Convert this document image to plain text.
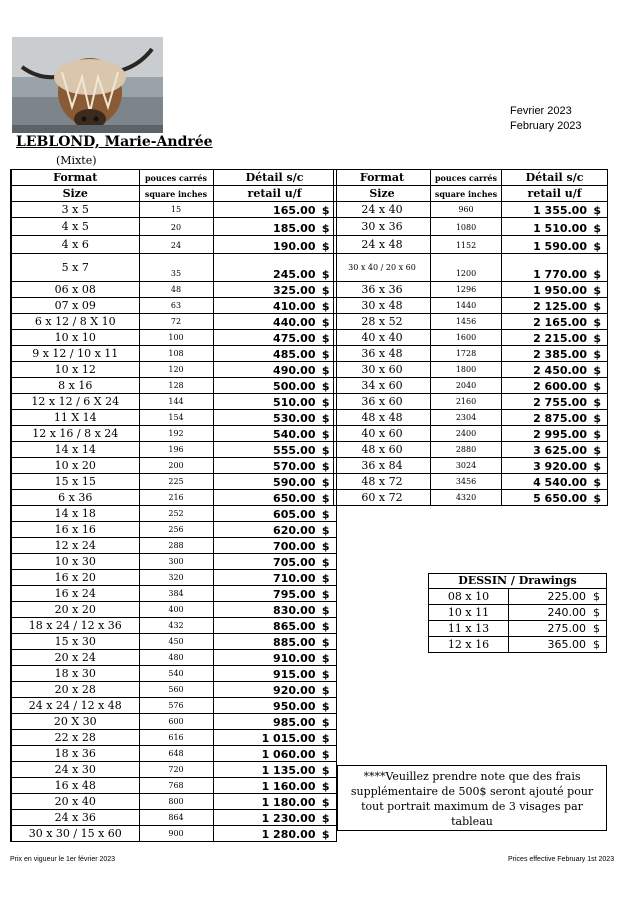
Fevrier 2023
February 2023
LEBLOND, Marie-Andrée
(Mixte)
Format	pouces carrés	Détail s/c
Size	square inches	retail u/f
3 x 5	15	165.00 $
4 x 5	20	185.00 $
4 x 6	24	190.00 $
5 x 7	35	245.00 $
06 x 08	48	325.00 $
07 x 09	63	410.00 $
6 x 12 / 8 X 10	72	440.00 $
10 x 10	100	475.00 $
9 x 12 / 10 x 11	108	485.00 $
10 x 12	120	490.00 $
8 x 16	128	500.00 $
12 x 12 / 6 X 24	144	510.00 $
11 X 14	154	530.00 $
12 x 16 / 8 x 24	192	540.00 $
14 x 14	196	555.00 $
10 x 20	200	570.00 $
15 x 15	225	590.00 $
6 x 36	216	650.00 $
14 x 18	252	605.00 $
16 x 16	256	620.00 $
12 x 24	288	700.00 $
10 x 30	300	705.00 $
16 x 20	320	710.00 $
16 x 24	384	795.00 $
20 x 20	400	830.00 $
18 x 24 / 12 x 36	432	865.00 $
15 x 30	450	885.00 $
20 x 24	480	910.00 $
18 x 30	540	915.00 $
20 x 28	560	920.00 $
24 x 24 / 12 x 48	576	950.00 $
20 X 30	600	985.00 $
22 x 28	616	1 015.00 $
18 x 36	648	1 060.00 $
24 x 30	720	1 135.00 $
16 x 48	768	1 160.00 $
20 x 40	800	1 180.00 $
24 x 36	864	1 230.00 $
30 x 30 / 15 x 60	900	1 280.00 $
Format	pouces carrés	Détail s/c
Size	square inches	retail u/f
24 x 40	960	1 355.00 $
30 x 36	1080	1 510.00 $
24 x 48	1152	1 590.00 $
30 x 40 / 20 x 60	1200	1 770.00 $
36 x 36	1296	1 950.00 $
30 x 48	1440	2 125.00 $
28 x 52	1456	2 165.00 $
40 x 40	1600	2 215.00 $
36 x 48	1728	2 385.00 $
30 x 60	1800	2 450.00 $
34 x 60	2040	2 600.00 $
36 x 60	2160	2 755.00 $
48 x 48	2304	2 875.00 $
40 x 60	2400	2 995.00 $
48 x 60	2880	3 625.00 $
36 x 84	3024	3 920.00 $
48 x 72	3456	4 540.00 $
60 x 72	4320	5 650.00 $
DESSIN / Drawings	
08 x 10	225.00 $
10 x 11	240.00 $
11 x 13	275.00 $
12 x 16	365.00 $
****Veuillez prendre note que des frais supplémentaire de 500$ seront ajouté pour tout portrait maximum de 3 visages par tableau
Prix en vigueur le 1er février 2023	Prices effective February 1st 2023
